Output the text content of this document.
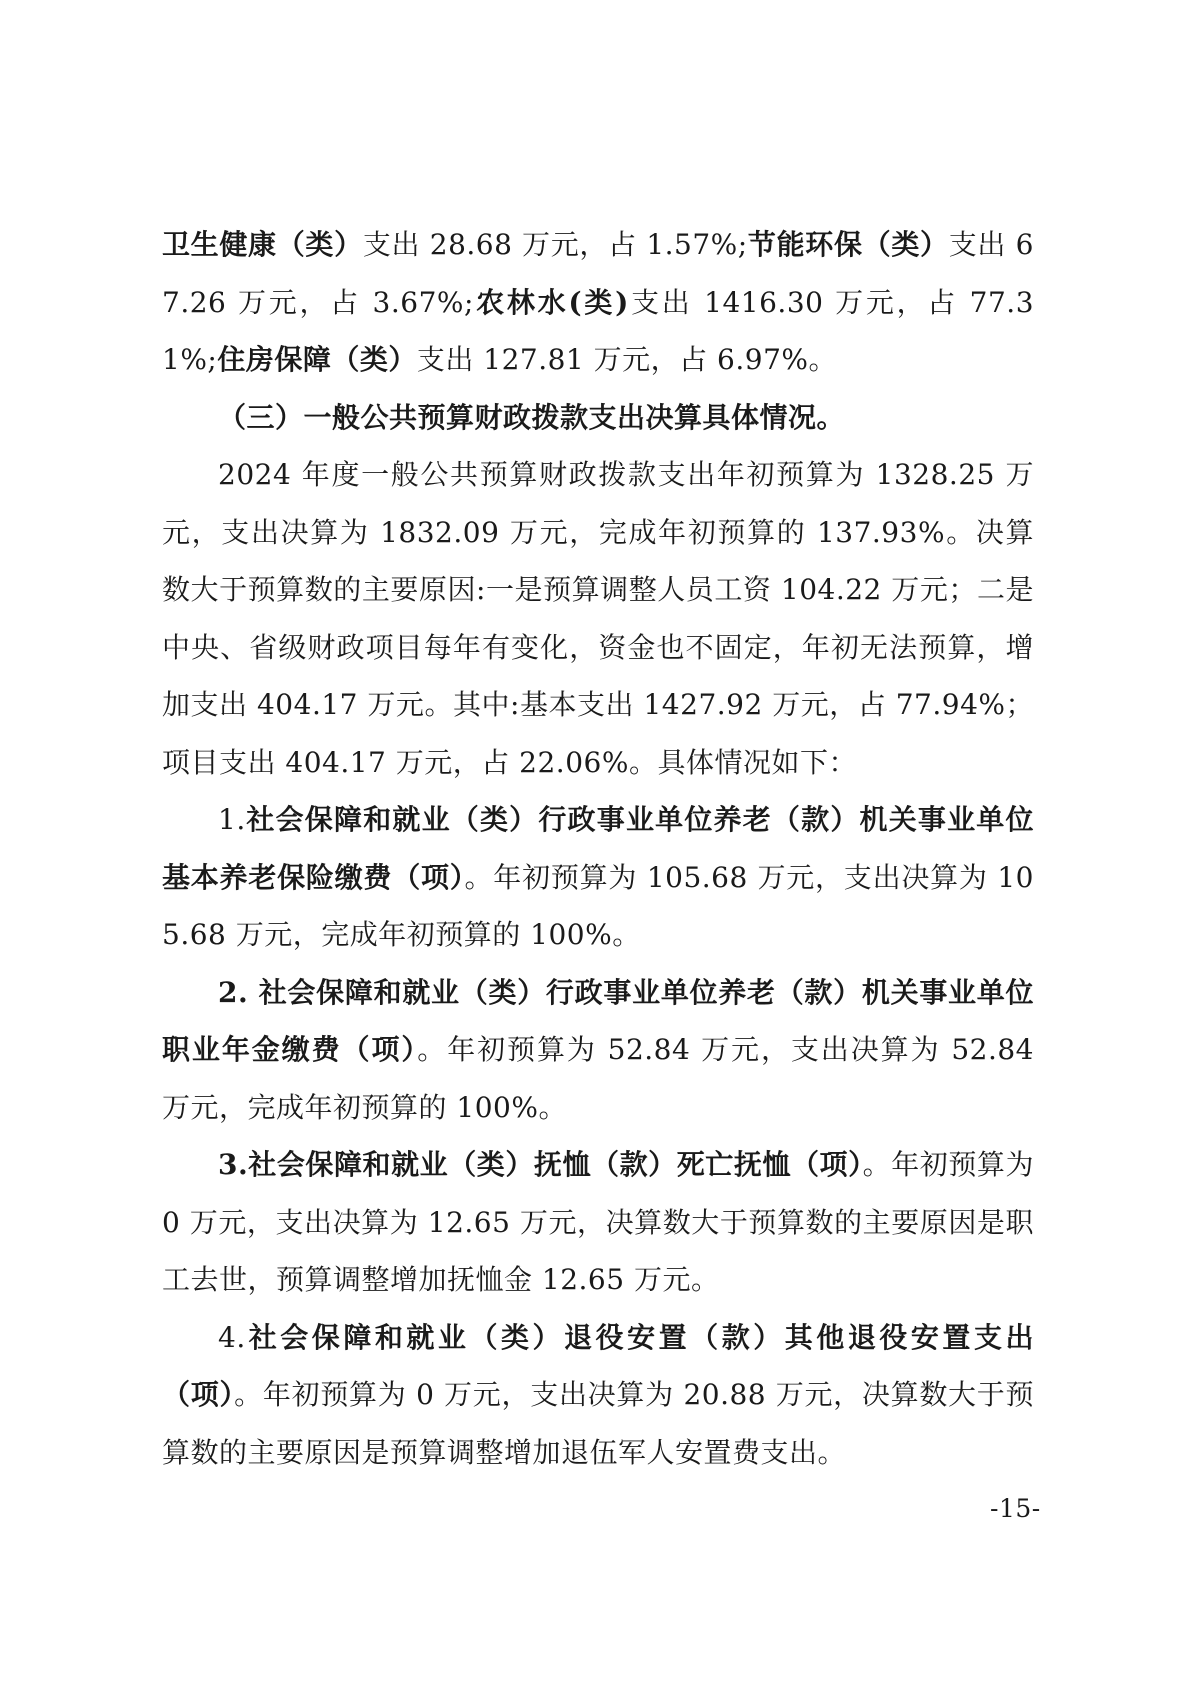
卫生健康（类）支出 28.68 万元，占 1.57%;节能环保（类）支出 67.26 万元，占 3.67%;农林水(类)支出 1416.30 万元，占 77.31%;住房保障（类）支出 127.81 万元，占 6.97%。

（三）一般公共预算财政拨款支出决算具体情况。

2024 年度一般公共预算财政拨款支出年初预算为 1328.25 万元，支出决算为 1832.09 万元，完成年初预算的 137.93%。决算数大于预算数的主要原因:一是预算调整人员工资 104.22 万元；二是中央、省级财政项目每年有变化，资金也不固定，年初无法预算，增加支出 404.17 万元。其中:基本支出 1427.92 万元，占 77.94%；项目支出 404.17 万元，占 22.06%。具体情况如下：

1.社会保障和就业（类）行政事业单位养老（款）机关事业单位基本养老保险缴费（项）。年初预算为 105.68 万元，支出决算为 105.68 万元，完成年初预算的 100%。

2. 社会保障和就业（类）行政事业单位养老（款）机关事业单位职业年金缴费（项）。年初预算为 52.84 万元，支出决算为 52.84 万元，完成年初预算的 100%。

3.社会保障和就业（类）抚恤（款）死亡抚恤（项）。年初预算为 0 万元，支出决算为 12.65 万元，决算数大于预算数的主要原因是职工去世，预算调整增加抚恤金 12.65 万元。

4.社会保障和就业（类）退役安置（款）其他退役安置支出（项）。年初预算为 0 万元，支出决算为 20.88 万元，决算数大于预算数的主要原因是预算调整增加退伍军人安置费支出。

-15-
